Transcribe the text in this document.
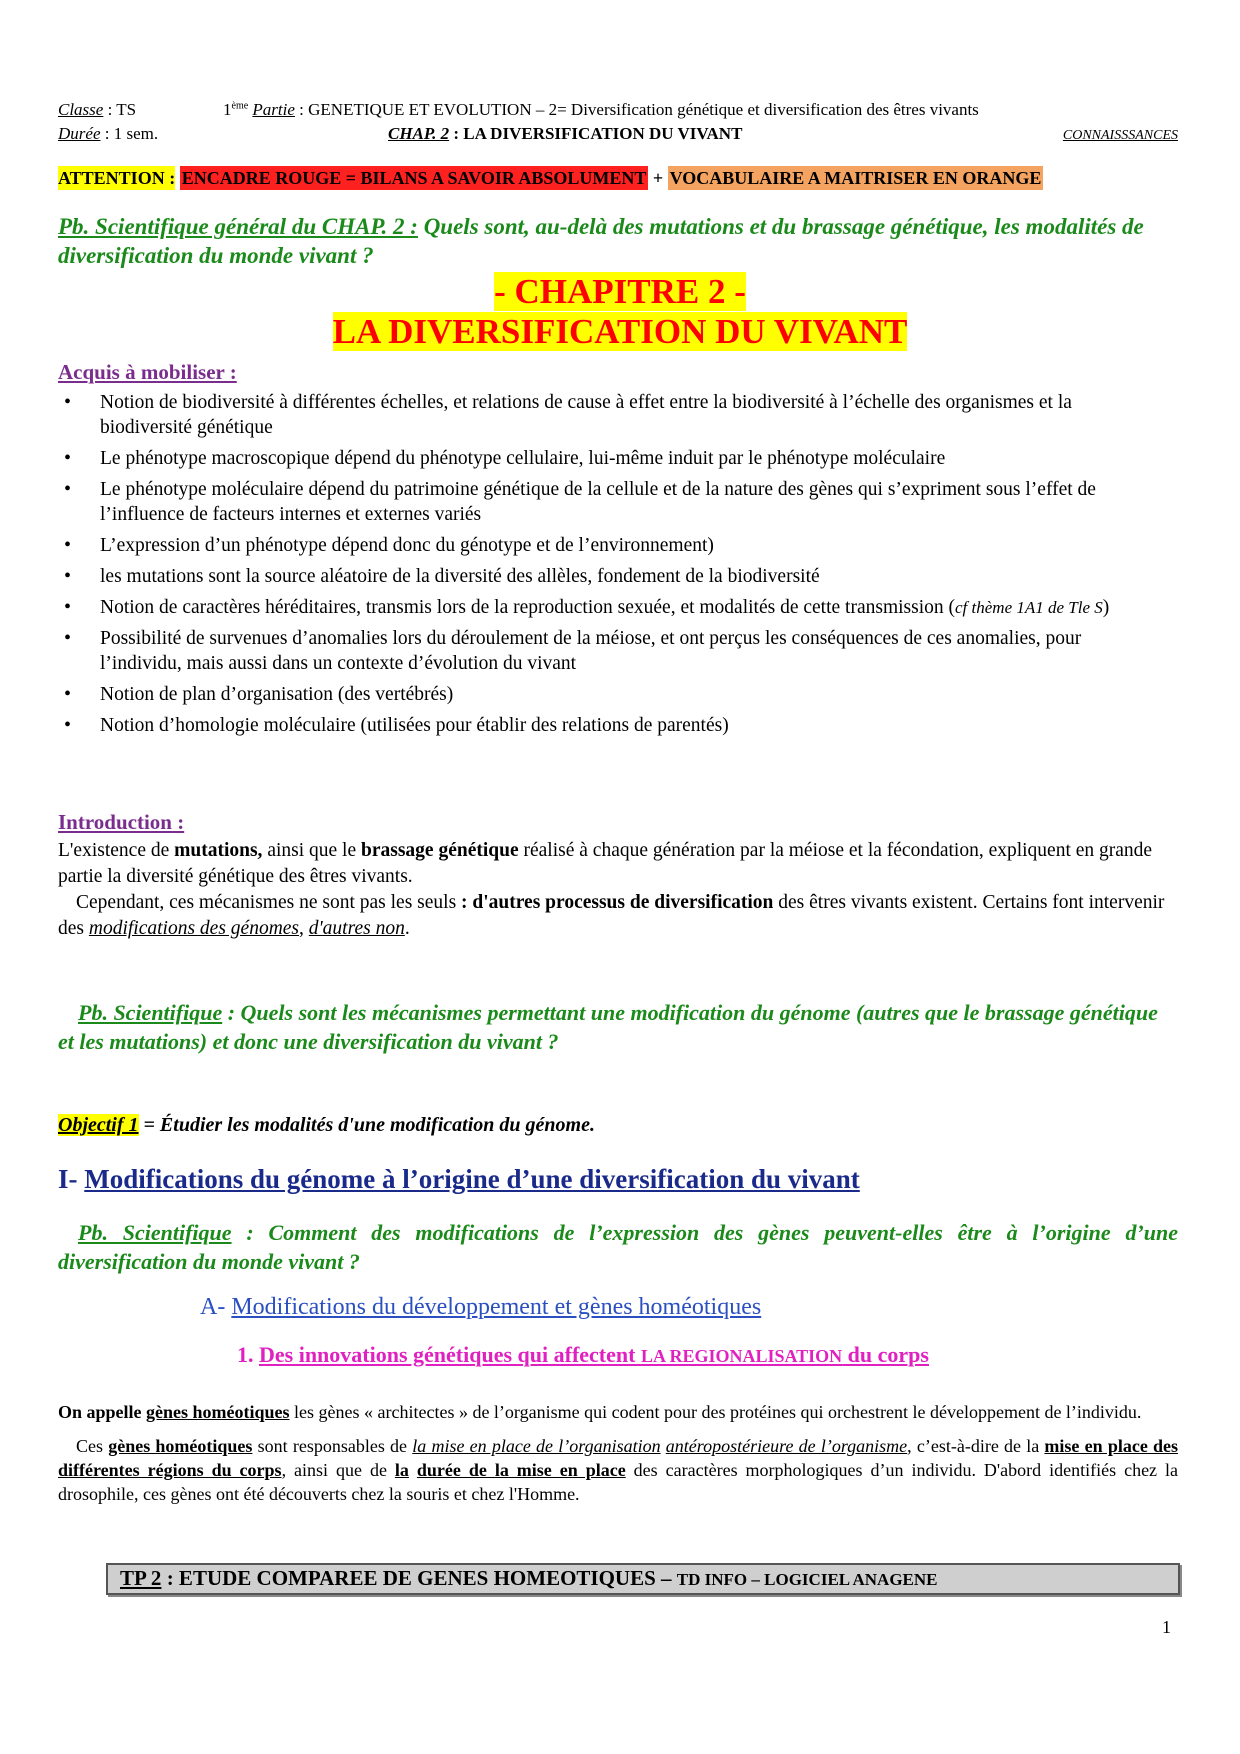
Classe : TS	1ème Partie : GENETIQUE ET EVOLUTION – 2= Diversification génétique et diversification des êtres vivants
Durée : 1 sem.	CHAP. 2 : LA DIVERSIFICATION DU VIVANT	CONNAISSSANCES
ATTENTION : ENCADRE ROUGE = BILANS A SAVOIR ABSOLUMENT + VOCABULAIRE A MAITRISER EN ORANGE
Pb. Scientifique général du CHAP. 2 : Quels sont, au-delà des mutations et du brassage génétique, les modalités de diversification du monde vivant ?
- CHAPITRE 2 -
LA DIVERSIFICATION DU VIVANT
Acquis à mobiliser :
• Notion de biodiversité à différentes échelles, et relations de cause à effet entre la biodiversité à l’échelle des organismes et la biodiversité génétique
• Le phénotype macroscopique dépend du phénotype cellulaire, lui-même induit par le phénotype moléculaire
• Le phénotype moléculaire dépend du patrimoine génétique de la cellule et de la nature des gènes qui s’expriment sous l’effet de l’influence de facteurs internes et externes variés
• L’expression d’un phénotype dépend donc du génotype et de l’environnement)
• les mutations sont la source aléatoire de la diversité des allèles, fondement de la biodiversité
• Notion de caractères héréditaires, transmis lors de la reproduction sexuée, et modalités de cette transmission (cf thème 1A1 de Tle S)
• Possibilité de survenues d’anomalies lors du déroulement de la méiose, et ont perçus les conséquences de ces anomalies, pour l’individu, mais aussi dans un contexte d’évolution du vivant
• Notion de plan d’organisation (des vertébrés)
• Notion d’homologie moléculaire (utilisées pour établir des relations de parentés)
Introduction :

L'existence de mutations, ainsi que le brassage génétique réalisé à chaque génération par la méiose et la fécondation, expliquent en grande partie la diversité génétique des êtres vivants.

Cependant, ces mécanismes ne sont pas les seuls : d'autres processus de diversification des êtres vivants existent. Certains font intervenir des modifications des génomes, d'autres non.

Pb. Scientifique : Quels sont les mécanismes permettant une modification du génome (autres que le brassage génétique et les mutations) et donc une diversification du vivant ?
Objectif 1 = Étudier les modalités d'une modification du génome.
I- Modifications du génome à l’origine d’une diversification du vivant
Pb. Scientifique : Comment des modifications de l’expression des gènes peuvent-elles être à l’origine d’une diversification du monde vivant ?
A- Modifications du développement et gènes homéotiques
1. Des innovations génétiques qui affectent LA REGIONALISATION du corps

On appelle gènes homéotiques les gènes « architectes » de l’organisme qui codent pour des protéines qui orchestrent le développement de l’individu.

Ces gènes homéotiques sont responsables de la mise en place de l’organisation antéropostérieure de l’organisme, c’est-à-dire de la mise en place des différentes régions du corps, ainsi que de la durée de la mise en place des caractères morphologiques d’un individu. D'abord identifiés chez la drosophile, ces gènes ont été découverts chez la souris et chez l'Homme.

TP 2 : ETUDE COMPAREE DE GENES HOMEOTIQUES – TD INFO – LOGICIEL ANAGENE
1
